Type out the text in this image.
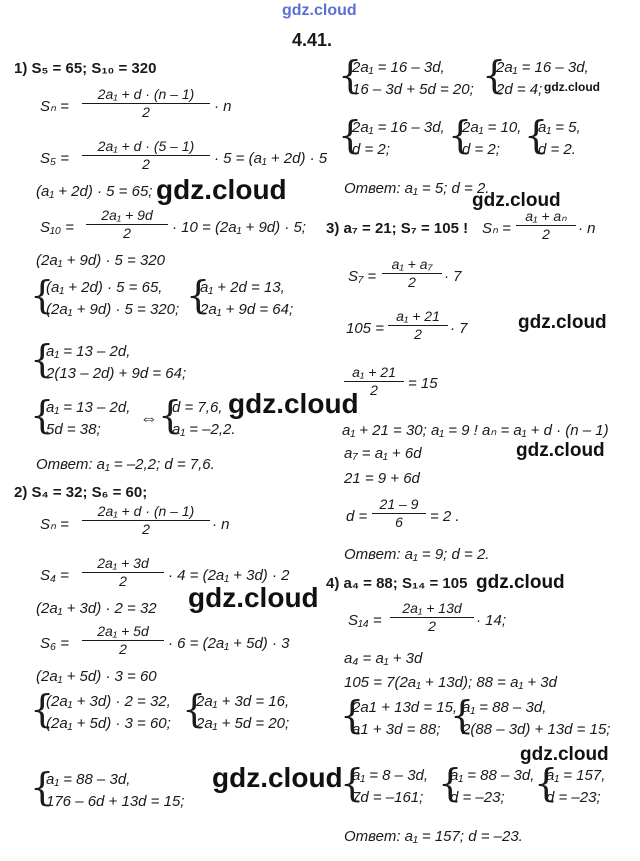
gdz.cloud
4.41.
1) S₅ = 65; S₁₀ = 320
$S_n = \frac{\text{2a₁ + d · (n – 1)}}{2} \cdot n$
$S_5 = \frac{\text{2a₁ + d · (5 – 1)}}{2} \cdot 5 = (a_1 + 2d) \cdot 5$
(a₁ + 2d) · 5 = 65;
$S_{10} = \frac{\text{2a₁ + 9d}}{2} \cdot 10 = (2a_1 + 9d) \cdot 5$;
(2a₁ + 9d) · 5 = 320
{
(a₁ + 2d) · 5 = 65,
(2a₁ + 9d) · 5 = 320; {
a₁ + 2d = 13,
2a₁ + 9d = 64;
{
a₁ = 13 – 2d,
2(13 – 2d) + 9d = 64;
{
a₁ = 13 – 2d,
5d = 38;
⇔ {
d = 7,6,
a₁ = –2,2.
Ответ: a₁ = –2,2; d = 7,6.
2) S₄ = 32; S₆ = 60;
$S_n = \frac{\text{2a₁ + d · (n – 1)}}{2} \cdot n$
$S_4 = \frac{\text{2a₁ + 3d}}{2} \cdot 4 = (2a_1 + 3d) \cdot 2$
(2a₁ + 3d) · 2 = 32
$S_6 = \frac{\text{2a₁ + 5d}}{2} \cdot 6 = (2a_1 + 5d) \cdot 3$
(2a₁ + 5d) · 3 = 60
{
(2a₁ + 3d) · 2 = 32,
(2a₁ + 5d) · 3 = 60; {
2a₁ + 3d = 16,
2a₁ + 5d = 20;
{
a₁ = 88 – 3d,
176 – 6d + 13d = 15;
{
2a₁ = 16 – 3d,
16 – 3d + 5d = 20; {
2a₁ = 16 – 3d,
2d = 4;
{
2a₁ = 16 – 3d,
d = 2;	{
2a₁ = 10,
d = 2; {
a₁ = 5,
d = 2.
Ответ: a₁ = 5; d = 2.
3) a₇ = 21; S₇ = 105 ! $S_n = \frac{\text{a₁ + aₙ}}{2} \cdot n$
$S_7 = \frac{\text{a₁ + a₇}}{2} \cdot 7$
$105 = \frac{\text{a₁ + 21}}{2} \cdot 7$
$\frac{\text{a₁ + 21}}{2} = 15$
a₁ + 21 = 30; a₁ = 9 ! aₙ = a₁ + d · (n – 1)
a₇ = a₁ + 6d
21 = 9 + 6d
$d = \frac{21 - 9}{6} = 2$ .
Ответ: a₁ = 9; d = 2.
4) a₄ = 88; S₁₄ = 105
$S_{14} = \frac{\text{2a₁ + 13d}}{2} \cdot 14$;
a₄ = a₁ + 3d
105 = 7(2a₁ + 13d); 88 = a₁ + 3d
{
2a1 + 13d = 15,
a1 + 3d = 88; {
a₁ = 88 – 3d,
2(88 – 3d) + 13d = 15;
{
a₁ = 8 – 3d,
7d = –161; {
a₁ = 88 – 3d,
d = –23; {
a₁ = 157,
d = –23;
Ответ: a₁ = 157; d = –23.
gdz.cloud
gdz.cloud
gdz.cloud
gdz.cloud
gdz.cloud
gdz.cloud
gdz.cloud
gdz.cloud
gdz.cloud
gdz.cloud
